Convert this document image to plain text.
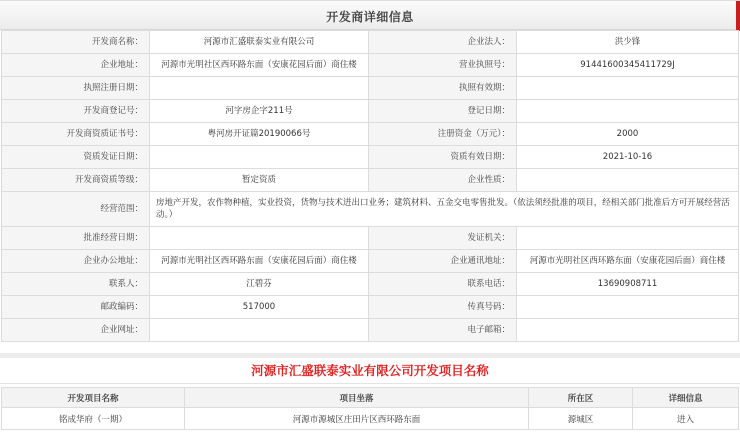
开发商详细信息
开发商名称：	河源市汇盛联泰实业有限公司	企业法人：	洪少锋
企业地址：	河源市光明社区西环路东面（安康花园后面）商住楼	营业执照号：	91441600345411729J
执照注册日期：		执照有效期：	
开发商登记号：	河字房企字211号	登记日期：	
开发商资质证书号：	粤河房开证篇20190066号	注册资金（万元）：	2000
资质发证日期：		资质有效日期：	2021-10-16
开发商资质等级：	暂定资质	企业性质：	
经营范围：	房地产开发，农作物种植，实业投资，货物与技术进出口业务；建筑材料、五金交电零售批发。（依法须经批准的项目，经相关部门批准后方可开展经营活动。）		
批准经营日期：		发证机关：	
企业办公地址：	河源市光明社区西环路东面（安康花园后面）商住楼	企业通讯地址：	河源市光明社区西环路东面（安康花园后面）商住楼
联系人：	江碧芬	联系电话：	13690908711
邮政编码：	517000	传真号码：	
企业网址：		电子邮箱：	
河源市汇盛联泰实业有限公司开发项目名称
开发项目名称	项目坐落	所在区	详细信息
铭成华府（一期）	河源市源城区庄田片区西环路东面	源城区	进入
